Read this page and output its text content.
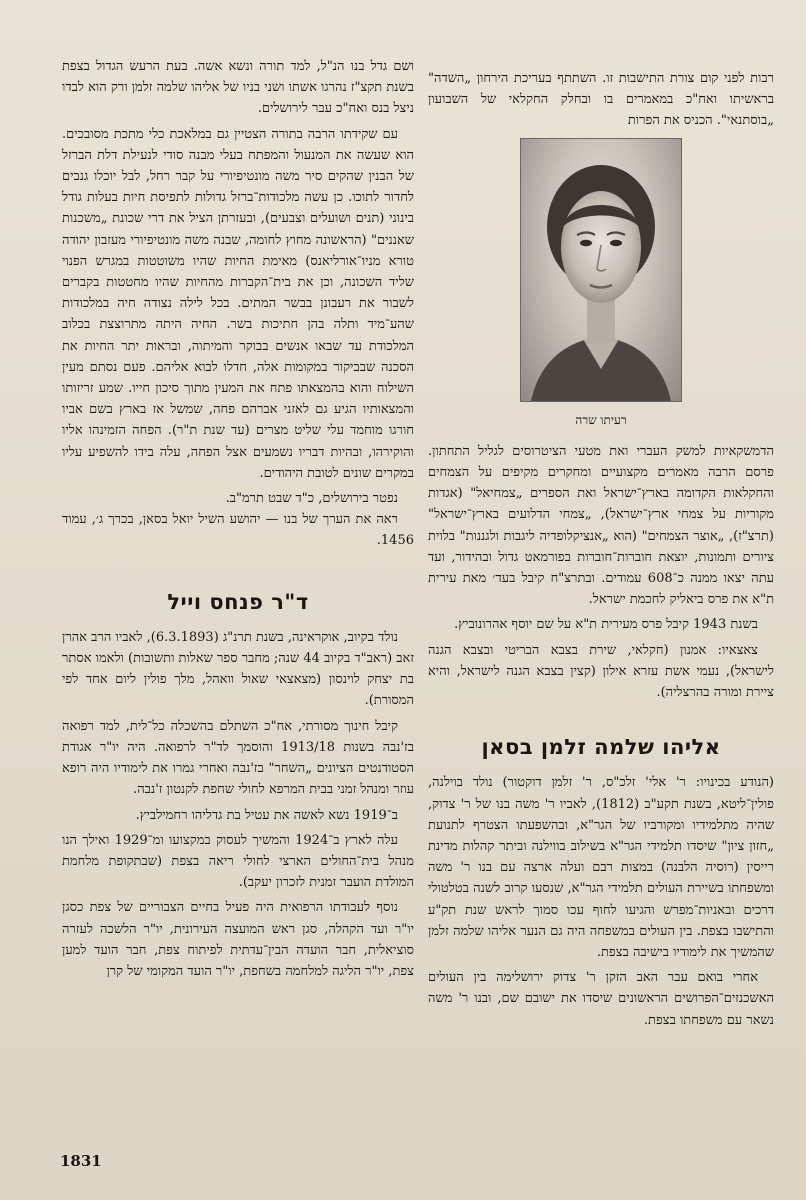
רבות לפני קום צורת התישבות זו. השתתף בעריכת הירחון „השדה" בראשיתו ואח"כ במאמרים בו ובחלק החקלאי של השבועון „בוסתנאי". הכניס את הפרות

רעיתו שרה

הדמשקאיות למשק העברי ואת מטעי הציטרוסים לגליל התחתון. פרסם הרבה מאמרים מקצועיים ומחקרים מקיפים על הצמחים והחקלאות הקדומה בארץ־ישראל ואת הספרים „צמחיאל" (אגדות מקוריות על צמחי ארץ־ישראל), „צמחי הדלועים בארץ־ישראל" (תרצ"ז), „אוצר הצמחים" (הוא „אנציקלופדיה ליגבות ולגננות" בלוית ציורים ותמונות, יוצאת חוברות־חוברות בפורמאט גדול ובהידור, ועד עתה יצאו ממנה כ־608 עמודים. ובתרצ"ח קיבל בעד׳ מאת עירית ת"א את פרס ביאליק לחכמת ישראל.

בשנת 1943 קיבל פרס מעירית ת"א על שם יוסף אהרונוביץ.

צאצאיו: אמנון (חקלאי, שירת בצבא הבריטי ובצבא הגנה לישראל), נעמי אשת עזרא אילון (קצין בצבא הגנה לישראל, והיא ציירת ומורה בהרצליה).

אליהו שלמה זלמן בסאן

(הנודע בכינויו: ר' אלי' זלכ"ס, ר' זלמן דוקטור) נולד בוילנה, פולין־ליטא, בשנת תקע"ב (1812), לאביו ר' משה בנו של ר' צדוק, שהיה מתלמידיו ומקורביו של הגר"א, ובהשפעתו הצטרף לתנועת „חזון ציון" שיסדו תלמידי הגר"א בשילוב בווילנה וביתר קהלות מדינת רייסין (רוסיה הלבנה) במצות רבם ועלה ארצה עם בנו ר' משה ומשפחתו בשיירת העולים תלמידי הגר"א, שנסעו קרוב לשנה בטלטולי דרכים ובאניות־מפרש והגיעו לחוף עכו סמוך לראש שנת תק"ע והתישבו בצפת. בין העולים במשפחה היה גם הנער אליהו שלמה זלמן שהמשיך את לימודיו בישיבה בצפת.

אחרי בואם עבר האב הזקן ר' צדוק ירושלימה בין העולים האשכנזים־הפרושים הראשונים שיסדו את ישובם שם, ובנו ר' משה נשאר עם משפחתו בצפת.

ושם גדל בנו הנ"ל, למד תורה ונשא אשה. בעת הרעש הגדול בצפת בשנת תקצ"ז נהרגו אשתו ושני בניו של אליהו שלמה זלמן ורק הוא לבדו ניצל בנס ואח"כ עבר לירושלים.

עם שקידתו הרבה בתורה הצטיין גם במלאכת כלי מתכת מסובכים. הוא שעשה את המנעול והמפתח בעלי מבנה סודי לנעילת דלת הברזל של הבנין שהקים סיר משה מונטיפיורי על קבר רחל, לבל יוכלו גנבים לחדור לתוכו. כן עשה מלכודות־ברזל גדולות לתפיסת חיות בעלות גודל בינוני (תנים ושועלים וצבעים), ובעזרתן הציל את דרי שכונת „משכנות שאננים" (הראשונה מחוץ לחומה, שבנה משה מונטיפיורי מעזבון יהודה טורא מניו־אורליאנס) מאימת החיות שהיו משוטטות במגרש הפנוי שליד השכונה, וכן את בית־הקברות מהחיות שהיו מחטטות בקברים לשבור את רעבונן בבשר המתים. בכל לילה נצודה חיה במלכודות שהע־מיד ותלה בהן חתיכות בשר. החיה היתה מתרוצצת בכלוב המלכודת עד שבאו אנשים בבוקר והמיתוה, ובראות יתר החיות את הסכנה שבביקור במקומות אלה, חדלו לבוא אליהם. פעם נסתם מעין השילוח והוא בהמצאתו פתח את המעין מתוך סיכון חייו. שמע זריזותו והמצאותיו הגיע גם לאזני אברהם פחה, שמשל אז בארץ בשם אביו חורגו מוחמד עלי שליט מצרים (עד שנת ת"ר). הפחה הזמינהו אליו והוקירהו, ובהיות דבריו נשמעים אצל הפחה, עלה בידו להשפיע עליו במקרים שונים לטובת היהודים.

נפטר בירושלים, כ"ד שבט תרמ"ב.

ראה את הערך של בנו — יהושע השיל יואל בסאן, בכרך ג׳, עמוד 1456.

ד"ר פנחס וייל

נולד בקיוב, אוקראינה, בשנת תרנ"ג (6.3.1893), לאביו הרב אהרן זאב (ראב"ד בקיוב 44 שנה; מחבר ספר שאלות ותשובות) ולאמו אסתר בת יצחק לוינסון (מצאצאי שאול וואהל, מלך פולין ליום אחד לפי המסורת).

קיבל חינוך מסורתי, אח"כ השתלם בהשכלה כל־לית, למד רפואה בז'נבה בשנות 1913/18 והוסמך לד"ר לרפואה. היה יו"ר אגודת הסטודנטים הציונים „השחר" בז'נבה ואחרי גמרו את לימודיו היה רופא עוזר ומנהל זמני בבית המרפא לחולי שחפת לקנטון ז'נבה.

ב־1919 נשא לאשה את עטיל בת גדליהו רחמילביץ.

עלה לארץ ב־1924 והמשיך לעסוק במקצועו ומ־1929 ואילך הנו מנהל בית־החולים הארצי לחולי ריאה בצפת (שבתקופת מלחמת המולדת הועבר זמנית לזכרון יעקב).

נוסף לעבודתו הרפואית היה פעיל בחיים הצבוריים של צפת כסגן יו"ר ועד הקהלה, סגן ראש המועצה העירונית, יו"ר הלשכה לעזרה סוציאלית, חבר הועדה הבין־עדתית לפיתוח צפת, חבר הועד למען צפת, יו"ר הליגה למלחמה בשחפת, יו"ר הועד המקומי של קרן

1831
